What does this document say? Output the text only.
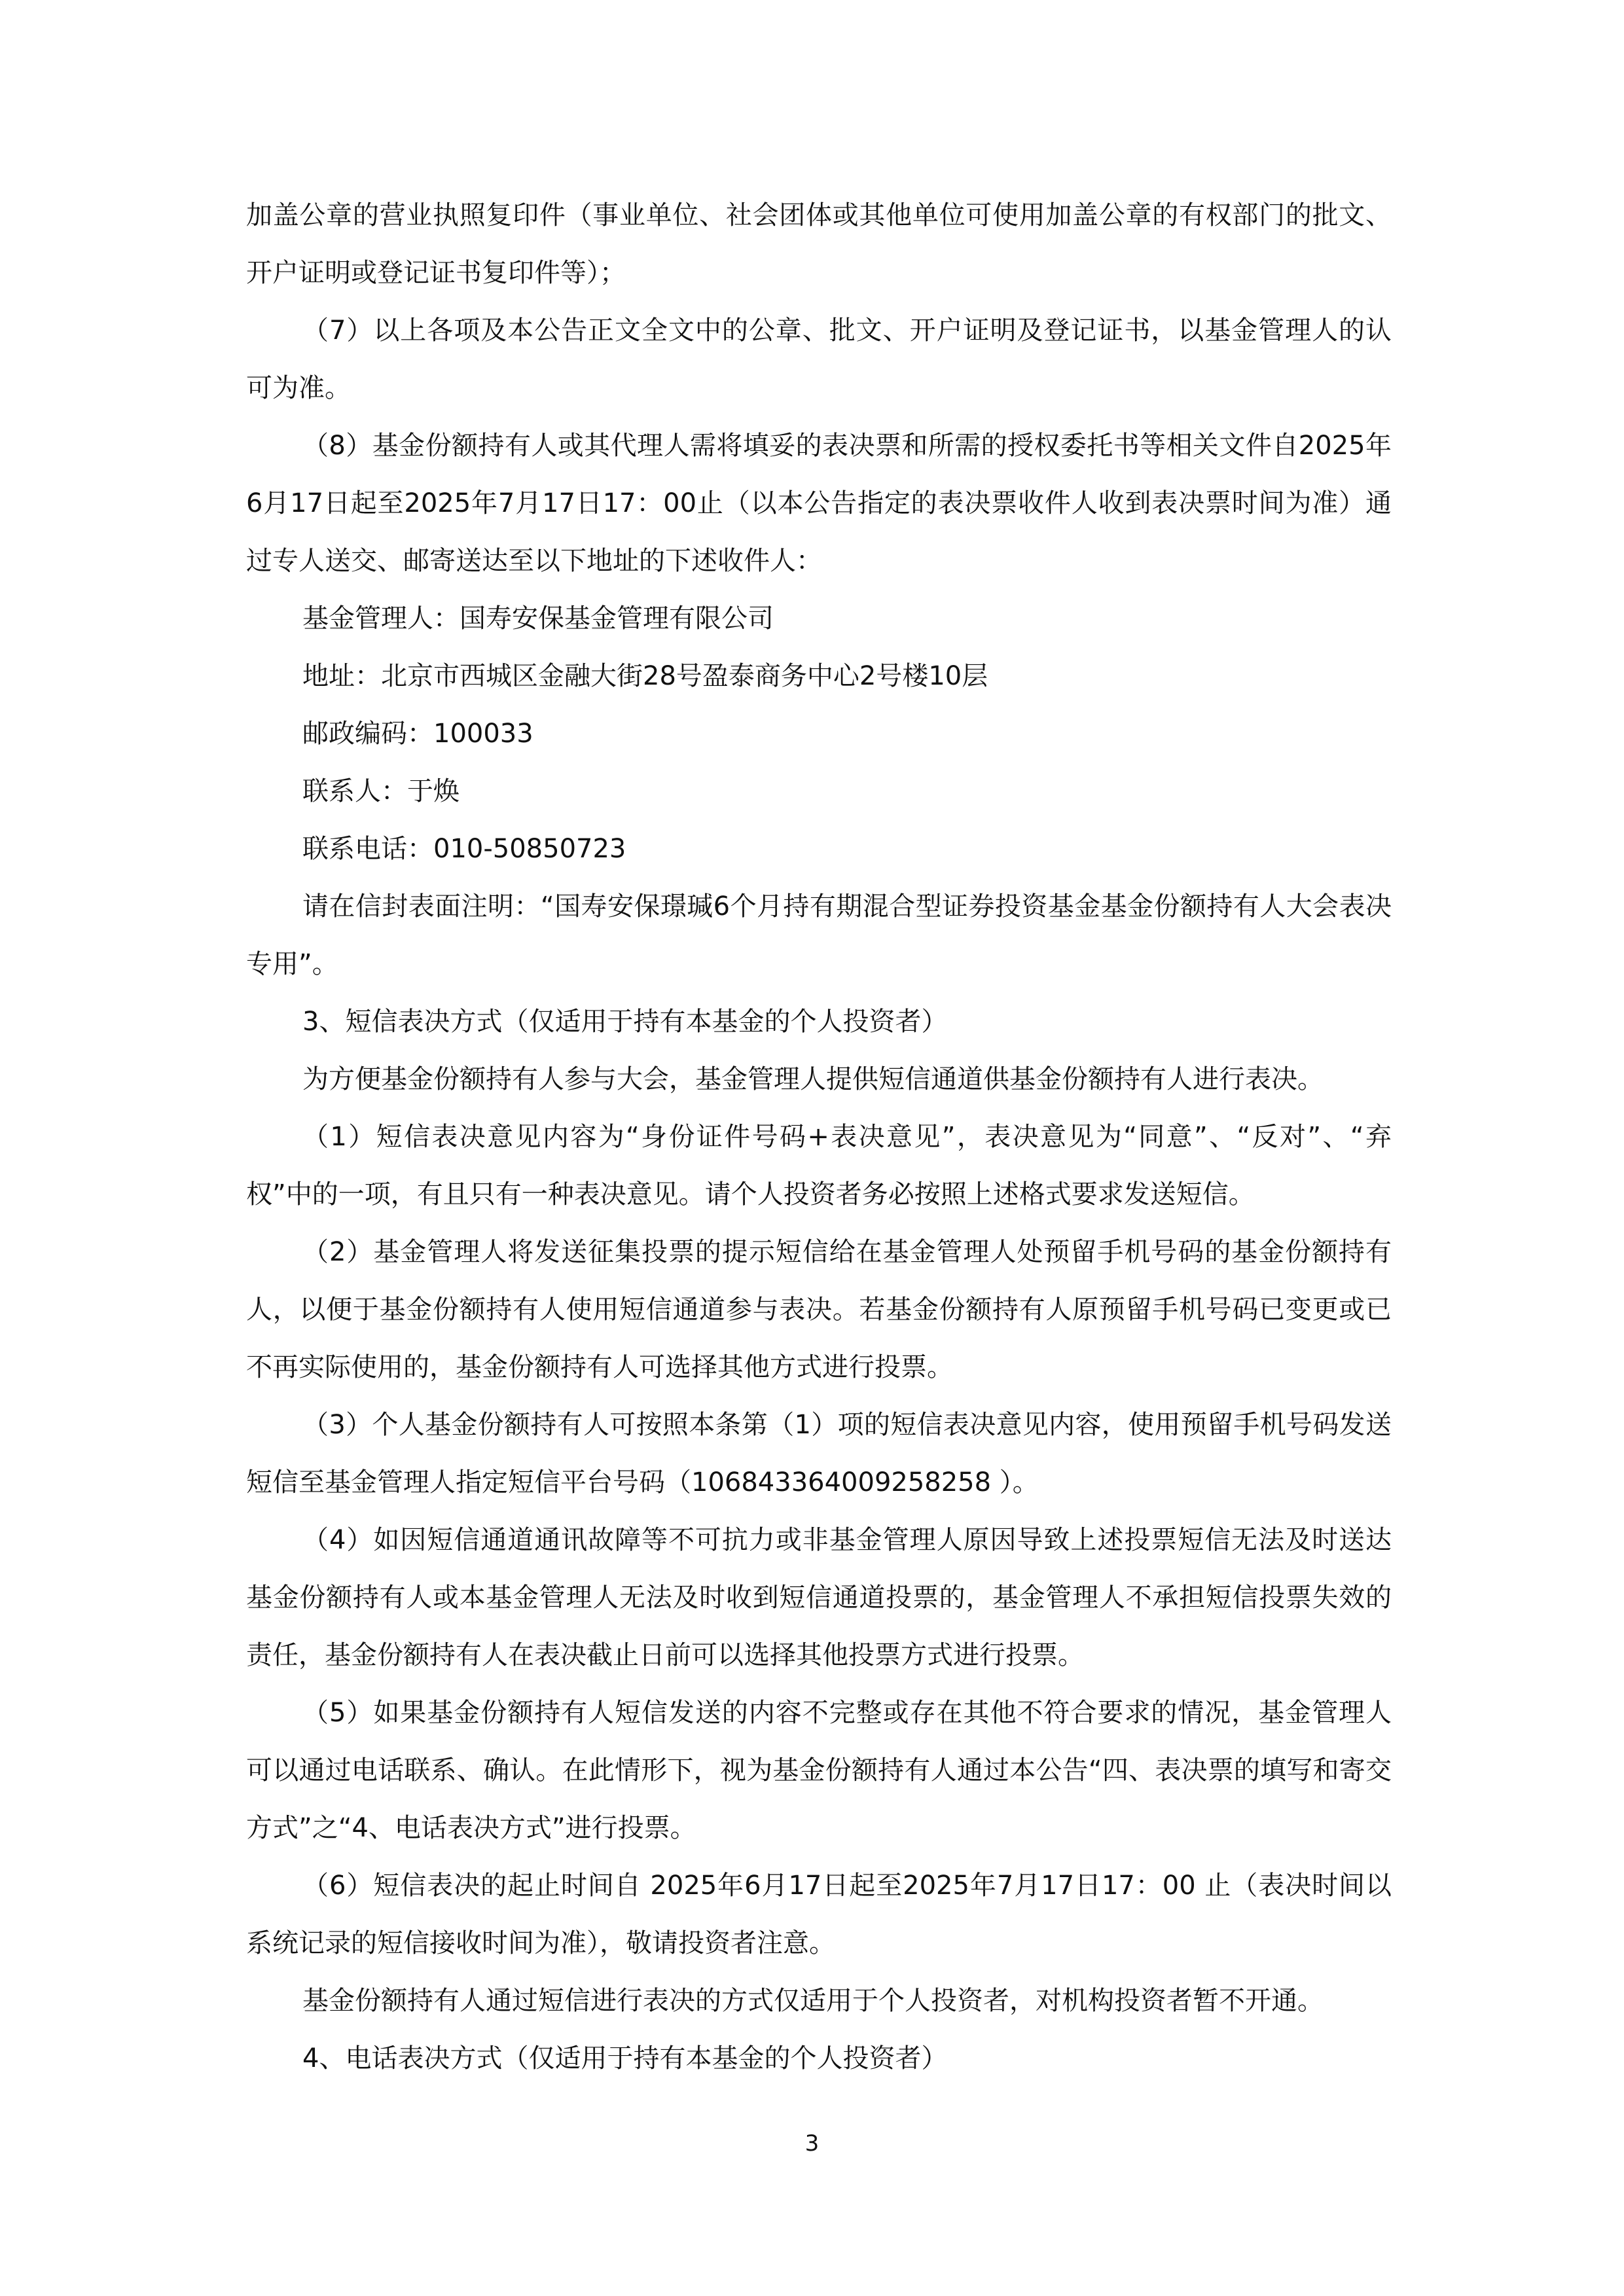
加盖公章的营业执照复印件（事业单位、社会团体或其他单位可使用加盖公章的有权部门的批文、开户证明或登记证书复印件等）；

（7）以上各项及本公告正文全文中的公章、批文、开户证明及登记证书，以基金管理人的认可为准。

（8）基金份额持有人或其代理人需将填妥的表决票和所需的授权委托书等相关文件自2025年6月17日起至2025年7月17日17：00止（以本公告指定的表决票收件人收到表决票时间为准）通过专人送交、邮寄送达至以下地址的下述收件人：

基金管理人：国寿安保基金管理有限公司

地址：北京市西城区金融大街28号盈泰商务中心2号楼10层

邮政编码：100033

联系人：于焕

联系电话：010-50850723

请在信封表面注明：“国寿安保璟瑊6个月持有期混合型证券投资基金基金份额持有人大会表决专用”。

3、短信表决方式（仅适用于持有本基金的个人投资者）

为方便基金份额持有人参与大会，基金管理人提供短信通道供基金份额持有人进行表决。

（1）短信表决意见内容为“身份证件号码+表决意见”，表决意见为“同意”、“反对”、“弃权”中的一项，有且只有一种表决意见。请个人投资者务必按照上述格式要求发送短信。

（2）基金管理人将发送征集投票的提示短信给在基金管理人处预留手机号码的基金份额持有人，以便于基金份额持有人使用短信通道参与表决。若基金份额持有人原预留手机号码已变更或已不再实际使用的，基金份额持有人可选择其他方式进行投票。

（3）个人基金份额持有人可按照本条第（1）项的短信表决意见内容，使用预留手机号码发送短信至基金管理人指定短信平台号码（106843364009258258 ）。

（4）如因短信通道通讯故障等不可抗力或非基金管理人原因导致上述投票短信无法及时送达基金份额持有人或本基金管理人无法及时收到短信通道投票的，基金管理人不承担短信投票失效的责任，基金份额持有人在表决截止日前可以选择其他投票方式进行投票。

（5）如果基金份额持有人短信发送的内容不完整或存在其他不符合要求的情况，基金管理人可以通过电话联系、确认。在此情形下，视为基金份额持有人通过本公告“四、表决票的填写和寄交方式”之“4、电话表决方式”进行投票。

（6）短信表决的起止时间自 2025年6月17日起至2025年7月17日17：00 止（表决时间以系统记录的短信接收时间为准），敬请投资者注意。

基金份额持有人通过短信进行表决的方式仅适用于个人投资者，对机构投资者暂不开通。

4、电话表决方式（仅适用于持有本基金的个人投资者）

3
